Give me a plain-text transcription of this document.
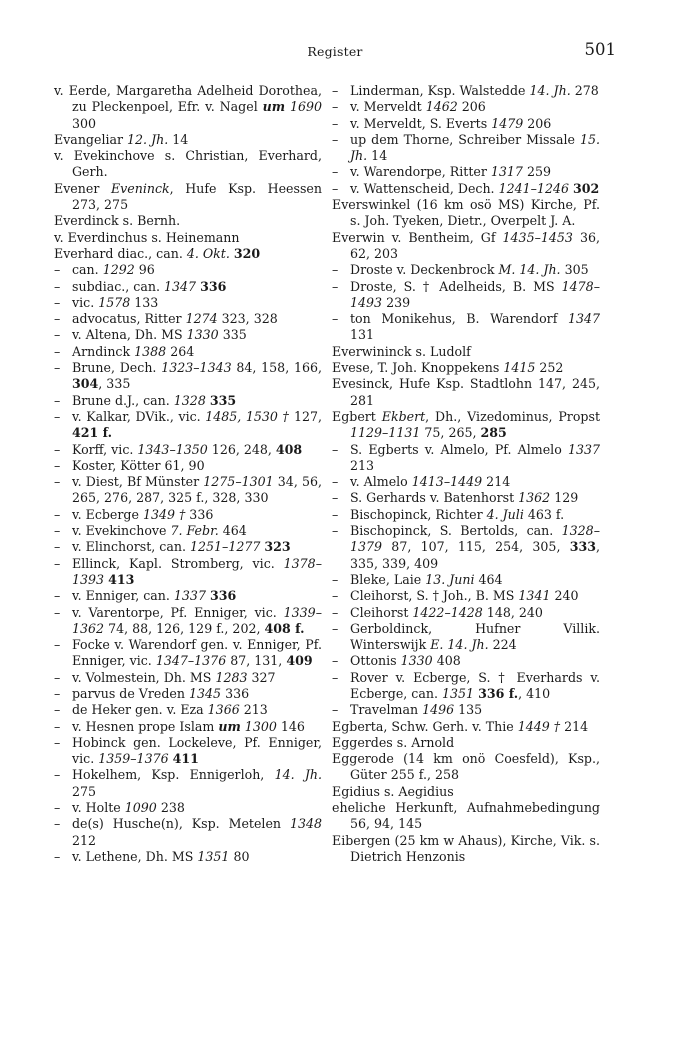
Register	501
v. Eerde, Margaretha Adelheid Dorothea, zu Pleckenpoel, Efr. v. Nagel um 1690 300
Evangeliar 12. Jh. 14
v. Evekinchove s. Christian, Everhard, Gerh.
Evener Eveninck, Hufe Ksp. Heessen 273, 275
Everdinck s. Bernh.
v. Everdinchus s. Heinemann
Everhard diac., can. 4. Okt. 320
– can. 1292 96
– subdiac., can. 1347 336
– vic. 1578 133
– advocatus, Ritter 1274 323, 328
– v. Altena, Dh. MS 1330 335
– Arndinck 1388 264
– Brune, Dech. 1323–1343 84, 158, 166, 304, 335
– Brune d.J., can. 1328 335
– v. Kalkar, DVik., vic. 1485, 1530 † 127, 421 f.
– Korff, vic. 1343–1350 126, 248, 408
– Koster, Kötter 61, 90
– v. Diest, Bf Münster 1275–1301 34, 56, 265, 276, 287, 325 f., 328, 330
– v. Ecberge 1349 † 336
– v. Evekinchove 7. Febr. 464
– v. Elinchorst, can. 1251–1277 323
– Ellinck, Kapl. Stromberg, vic. 1378–1393 413
– v. Enniger, can. 1337 336
– v. Varentorpe, Pf. Enniger, vic. 1339–1362 74, 88, 126, 129 f., 202, 408 f.
– Focke v. Warendorf gen. v. Enniger, Pf. Enniger, vic. 1347–1376 87, 131, 409
– v. Volmestein, Dh. MS 1283 327
– parvus de Vreden 1345 336
– de Heker gen. v. Eza 1366 213
– v. Hesnen prope Islam um 1300 146
– Hobinck gen. Lockeleve, Pf. Enniger, vic. 1359–1376 411
– Hokelhem, Ksp. Ennigerloh, 14. Jh. 275
– v. Holte 1090 238
– de(s) Husche(n), Ksp. Metelen 1348 212
– v. Lethene, Dh. MS 1351 80
– Linderman, Ksp. Walstedde 14. Jh. 278
– v. Merveldt 1462 206
– v. Merveldt, S. Everts 1479 206
– up dem Thorne, Schreiber Missale 15. Jh. 14
– v. Warendorpe, Ritter 1317 259
– v. Wattenscheid, Dech. 1241–1246 302
Everswinkel (16 km osö MS) Kirche, Pf. s. Joh. Tyeken, Dietr., Overpelt J. A.
Everwin v. Bentheim, Gf 1435–1453 36, 62, 203
– Droste v. Deckenbrock M. 14. Jh. 305
– Droste, S. † Adelheids, B. MS 1478–1493 239
– ton Monikehus, B. Warendorf 1347 131
Everwininck s. Ludolf
Evese, T. Joh. Knoppekens 1415 252
Evesinck, Hufe Ksp. Stadtlohn 147, 245, 281
Egbert Ekbert, Dh., Vizedominus, Propst 1129–1131 75, 265, 285
– S. Egberts v. Almelo, Pf. Almelo 1337 213
– v. Almelo 1413–1449 214
– S. Gerhards v. Batenhorst 1362 129
– Bischopinck, Richter 4. Juli 463 f.
– Bischopinck, S. Bertolds, can. 1328–1379 87, 107, 115, 254, 305, 333, 335, 339, 409
– Bleke, Laie 13. Juni 464
– Cleihorst, S. † Joh., B. MS 1341 240
– Cleihorst 1422–1428 148, 240
– Gerboldinck, Hufner Villik. Winterswijk E. 14. Jh. 224
– Ottonis 1330 408
– Rover v. Ecberge, S. † Everhards v. Ecberge, can. 1351 336 f., 410
– Travelman 1496 135
Egberta, Schw. Gerh. v. Thie 1449 † 214
Eggerdes s. Arnold
Eggerode (14 km onö Coesfeld), Ksp., Güter 255 f., 258
Egidius s. Aegidius
eheliche Herkunft, Aufnahmebedingung 56, 94, 145
Eibergen (25 km w Ahaus), Kirche, Vik. s. Dietrich Henzonis
